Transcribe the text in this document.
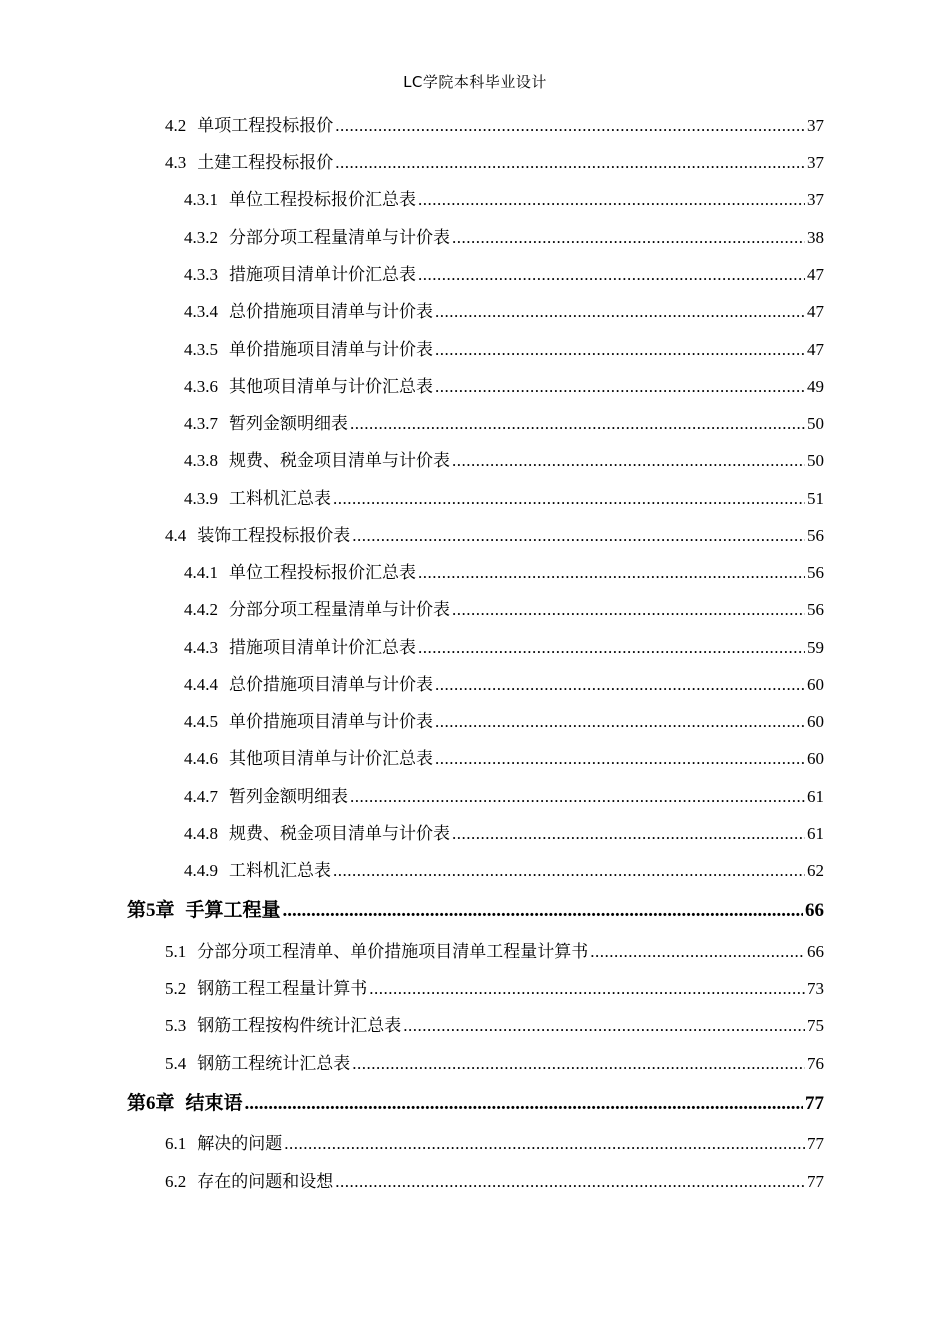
LC学院本科毕业设计
4.2 单项工程投标报价 .....	37
4.3 土建工程投标报价 .....	37
4.3.1 单位工程投标报价汇总表 .....	37
4.3.2 分部分项工程量清单与计价表 .....	38
4.3.3 措施项目清单计价汇总表 .....	47
4.3.4 总价措施项目清单与计价表 .....	47
4.3.5 单价措施项目清单与计价表 .....	47
4.3.6 其他项目清单与计价汇总表 .....	49
4.3.7 暂列金额明细表 .....	50
4.3.8 规费、税金项目清单与计价表 .....	50
4.3.9 工料机汇总表 .....	51
4.4 装饰工程投标报价表 .....	56
4.4.1 单位工程投标报价汇总表 .....	56
4.4.2 分部分项工程量清单与计价表 .....	56
4.4.3 措施项目清单计价汇总表 .....	59
4.4.4 总价措施项目清单与计价表 .....	60
4.4.5 单价措施项目清单与计价表 .....	60
4.4.6 其他项目清单与计价汇总表 .....	60
4.4.7 暂列金额明细表 .....	61
4.4.8 规费、税金项目清单与计价表 .....	61
4.4.9 工料机汇总表 .....	62
第5章 手算工程量 .....	66
5.1 分部分项工程清单、单价措施项目清单工程量计算书 .....	66
5.2 钢筋工程工程量计算书 .....	73
5.3 钢筋工程按构件统计汇总表 .....	75
5.4 钢筋工程统计汇总表 .....	76
第6章 结束语 .....	77
6.1 解决的问题 .....	77
6.2 存在的问题和设想 .....	77
